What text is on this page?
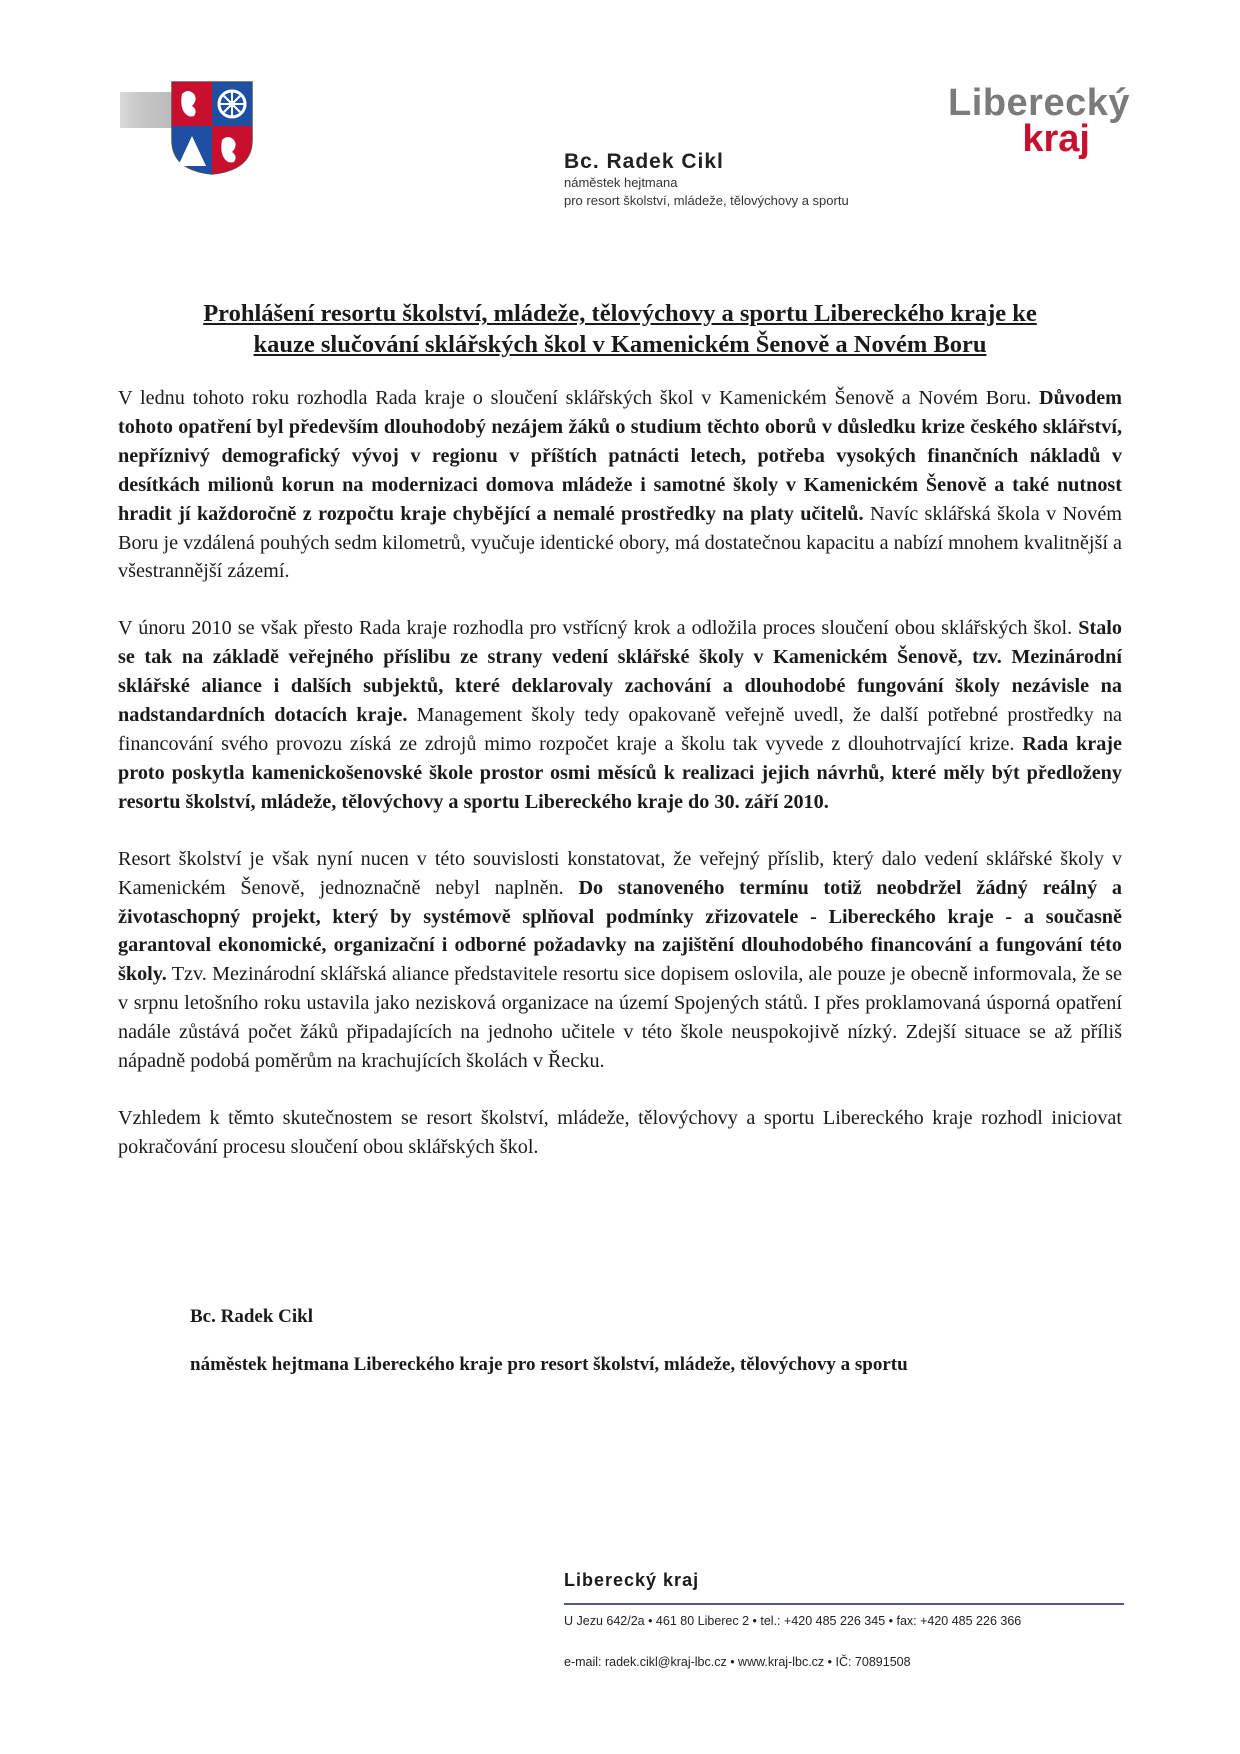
Bc. Radek Cikl
náměstek hejtmana
pro resort školství, mládeže, tělovýchovy a sportu
Liberecký
kraj
Prohlášení resortu školství, mládeže, tělovýchovy a sportu Libereckého kraje ke
kauze slučování sklářských škol v Kamenickém Šenově a Novém Boru

V lednu tohoto roku rozhodla Rada kraje o sloučení sklářských škol v Kamenickém Šenově a Novém Boru. Důvodem tohoto opatření byl především dlouhodobý nezájem žáků o studium těchto oborů v důsledku krize českého sklářství, nepříznivý demografický vývoj v regionu v příštích patnácti letech, potřeba vysokých finančních nákladů v desítkách milionů korun na modernizaci domova mládeže i samotné školy v Kamenickém Šenově a také nutnost hradit jí každoročně z rozpočtu kraje chybějící a nemalé prostředky na platy učitelů. Navíc sklářská škola v Novém Boru je vzdálená pouhých sedm kilometrů, vyučuje identické obory, má dostatečnou kapacitu a nabízí mnohem kvalitnější a všestrannější zázemí.

V únoru 2010 se však přesto Rada kraje rozhodla pro vstřícný krok a odložila proces sloučení obou sklářských škol. Stalo se tak na základě veřejného příslibu ze strany vedení sklářské školy v Kamenickém Šenově, tzv. Mezinárodní sklářské aliance i dalších subjektů, které deklarovaly zachování a dlouhodobé fungování školy nezávisle na nadstandardních dotacích kraje. Management školy tedy opakovaně veřejně uvedl, že další potřebné prostředky na financování svého provozu získá ze zdrojů mimo rozpočet kraje a školu tak vyvede z dlouhotrvající krize. Rada kraje proto poskytla kamenickošenovské škole prostor osmi měsíců k realizaci jejich návrhů, které měly být předloženy resortu školství, mládeže, tělovýchovy a sportu Libereckého kraje do 30. září 2010.

Resort školství je však nyní nucen v této souvislosti konstatovat, že veřejný příslib, který dalo vedení sklářské školy v Kamenickém Šenově, jednoznačně nebyl naplněn. Do stanoveného termínu totiž neobdržel žádný reálný a životaschopný projekt, který by systémově splňoval podmínky zřizovatele - Libereckého kraje - a současně garantoval ekonomické, organizační i odborné požadavky na zajištění dlouhodobého financování a fungování této školy. Tzv. Mezinárodní sklářská aliance představitele resortu sice dopisem oslovila, ale pouze je obecně informovala, že se v srpnu letošního roku ustavila jako nezisková organizace na území Spojených států. I přes proklamovaná úsporná opatření nadále zůstává počet žáků připadajících na jednoho učitele v této škole neuspokojivě nízký. Zdejší situace se až příliš nápadně podobá poměrům na krachujících školách v Řecku.

Vzhledem k těmto skutečnostem se resort školství, mládeže, tělovýchovy a sportu Libereckého kraje rozhodl iniciovat pokračování procesu sloučení obou sklářských škol.

Bc. Radek Cikl
náměstek hejtmana Libereckého kraje pro resort školství, mládeže, tělovýchovy a sportu
Liberecký kraj
U Jezu 642/2a • 461 80 Liberec 2 • tel.: +420 485 226 345 • fax: +420 485 226 366
e-mail: radek.cikl@kraj-lbc.cz • www.kraj-lbc.cz • IČ: 70891508
